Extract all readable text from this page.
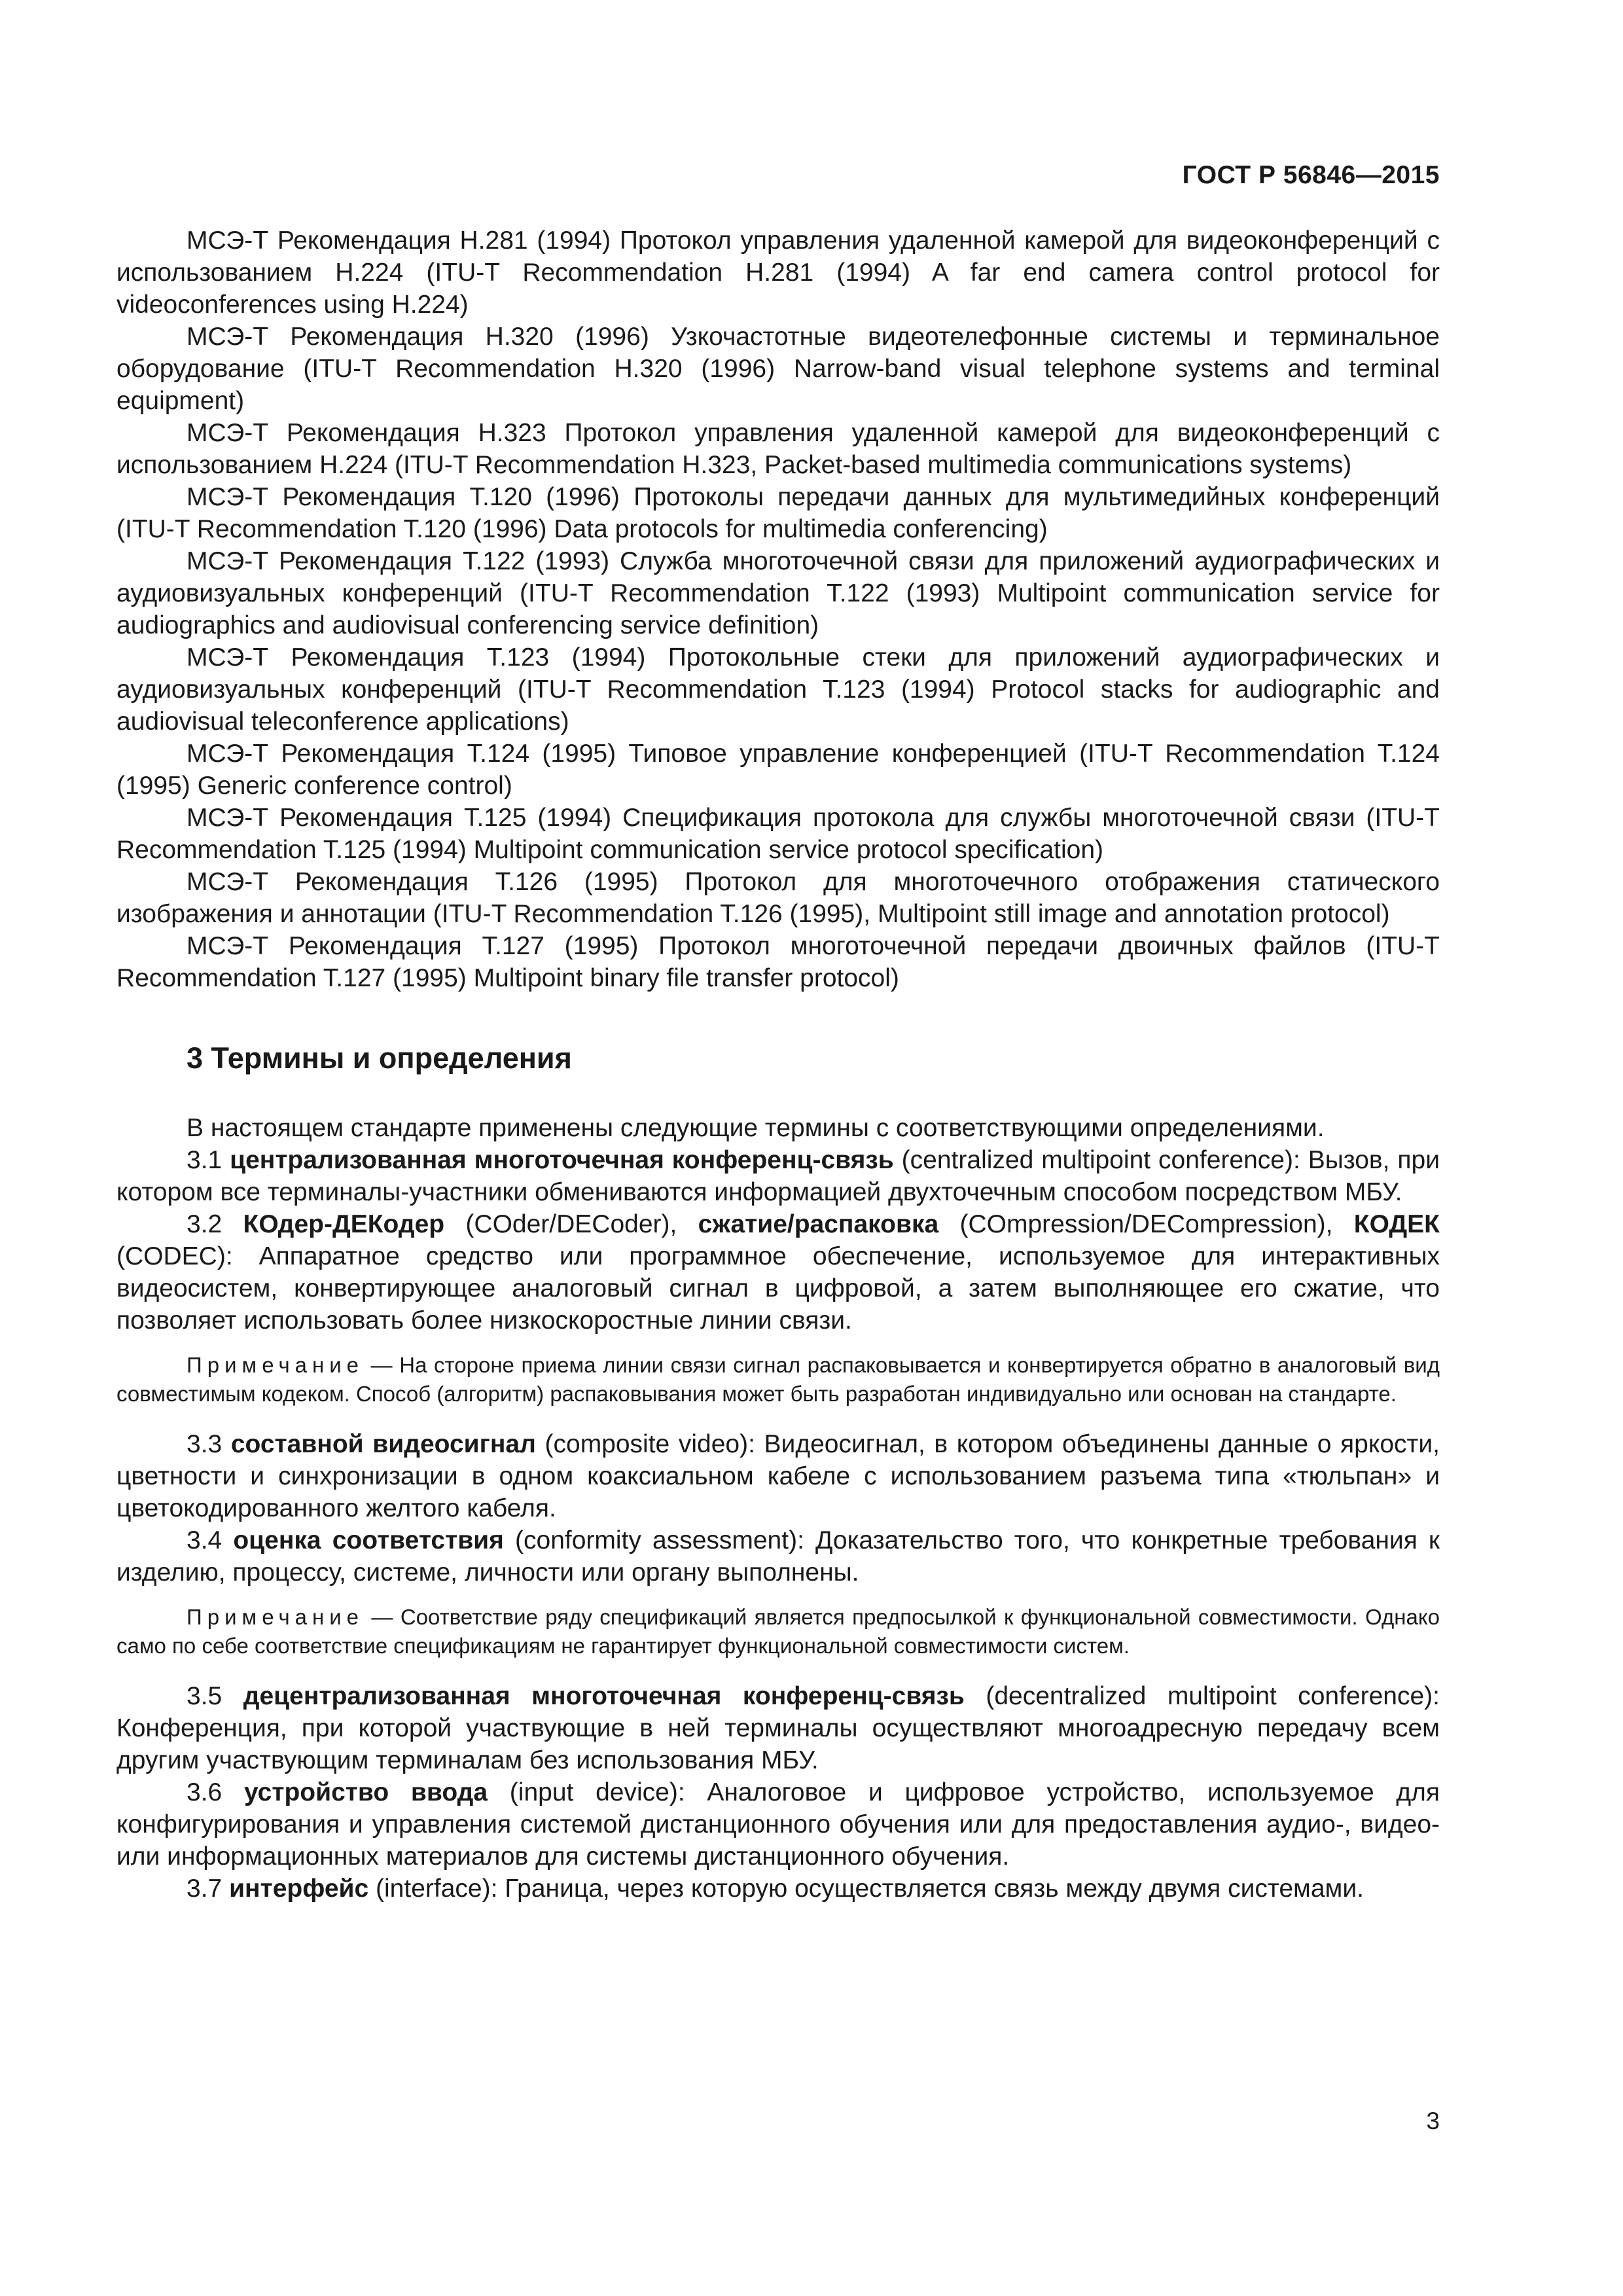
ГОСТ Р 56846—2015

МСЭ-Т Рекомендация H.281 (1994) Протокол управления удаленной камерой для видеоконференций с использованием H.224 (ITU-T Recommendation H.281 (1994) A far end camera control protocol for videoconferences using H.224)

МСЭ-Т Рекомендация H.320 (1996) Узкочастотные видеотелефонные системы и терминальное оборудование (ITU-T Recommendation H.320 (1996) Narrow-band visual telephone systems and terminal equipment)

МСЭ-Т Рекомендация H.323 Протокол управления удаленной камерой для видеоконференций с использованием H.224 (ITU-T Recommendation H.323, Packet-based multimedia communications systems)

МСЭ-Т Рекомендация T.120 (1996) Протоколы передачи данных для мультимедийных конференций (ITU-T Recommendation T.120 (1996) Data protocols for multimedia conferencing)

МСЭ-Т Рекомендация T.122 (1993) Служба многоточечной связи для приложений аудиографических и аудиовизуальных конференций (ITU-T Recommendation T.122 (1993) Multipoint communication service for audiographics and audiovisual conferencing service definition)

МСЭ-Т Рекомендация T.123 (1994) Протокольные стеки для приложений аудиографических и аудиовизуальных конференций (ITU-T Recommendation T.123 (1994) Protocol stacks for audiographic and audiovisual teleconference applications)

МСЭ-Т Рекомендация T.124 (1995) Типовое управление конференцией (ITU-T Recommendation T.124 (1995) Generic conference control)

МСЭ-Т Рекомендация T.125 (1994) Спецификация протокола для службы многоточечной связи (ITU-T Recommendation T.125 (1994) Multipoint communication service protocol specification)

МСЭ-Т Рекомендация T.126 (1995) Протокол для многоточечного отображения статического изображения и аннотации (ITU-T Recommendation T.126 (1995), Multipoint still image and annotation protocol)

МСЭ-Т Рекомендация T.127 (1995) Протокол многоточечной передачи двоичных файлов (ITU-T Recommendation T.127 (1995) Multipoint binary file transfer protocol)

3 Термины и определения

В настоящем стандарте применены следующие термины с соответствующими определениями.

3.1 централизованная многоточечная конференц-связь (centralized multipoint conference): Вызов, при котором все терминалы-участники обмениваются информацией двухточечным способом посредством МБУ.

3.2 КОдер-ДЕКодер (COder/DECoder), сжатие/распаковка (COmpression/DECompression), КОДЕК (CODEC): Аппаратное средство или программное обеспечение, используемое для интерактивных видеосистем, конвертирующее аналоговый сигнал в цифровой, а затем выполняющее его сжатие, что позволяет использовать более низкоскоростные линии связи.

Примечание — На стороне приема линии связи сигнал распаковывается и конвертируется обратно в аналоговый вид совместимым кодеком. Способ (алгоритм) распаковывания может быть разработан индивидуально или основан на стандарте.

3.3 составной видеосигнал (composite video): Видеосигнал, в котором объединены данные о яркости, цветности и синхронизации в одном коаксиальном кабеле с использованием разъема типа «тюльпан» и цветокодированного желтого кабеля.

3.4 оценка соответствия (conformity assessment): Доказательство того, что конкретные требования к изделию, процессу, системе, личности или органу выполнены.

Примечание — Соответствие ряду спецификаций является предпосылкой к функциональной совместимости. Однако само по себе соответствие спецификациям не гарантирует функциональной совместимости систем.

3.5 децентрализованная многоточечная конференц-связь (decentralized multipoint conference): Конференция, при которой участвующие в ней терминалы осуществляют многоадресную передачу всем другим участвующим терминалам без использования МБУ.

3.6 устройство ввода (input device): Аналоговое и цифровое устройство, используемое для конфигурирования и управления системой дистанционного обучения или для предоставления аудио-, видео- или информационных материалов для системы дистанционного обучения.

3.7 интерфейс (interface): Граница, через которую осуществляется связь между двумя системами.

3
